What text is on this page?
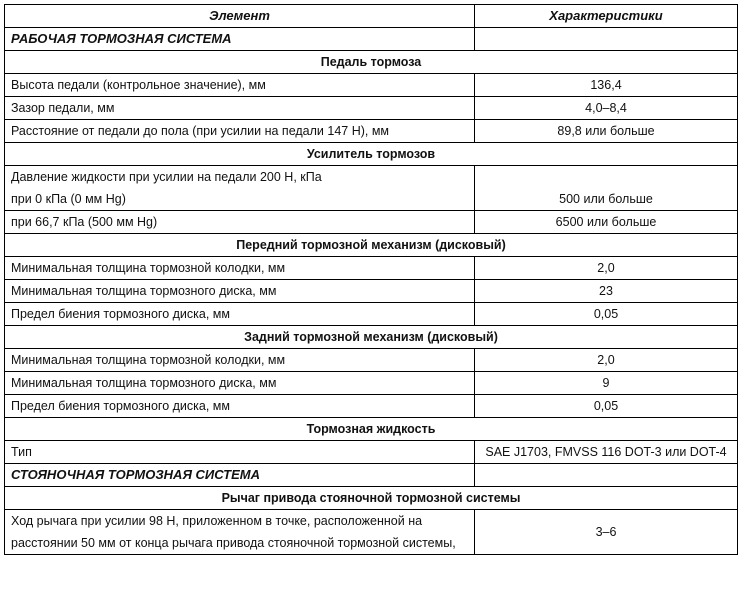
Элемент	Характеристики
РАБОЧАЯ ТОРМОЗНАЯ СИСТЕМА	
Педаль тормоза	
Высота педали (контрольное значение), мм	136,4
Зазор педали, мм	4,0–8,4
Расстояние от педали до пола (при усилии на педали 147 Н), мм	89,8 или больше
Усилитель тормозов	
Давление жидкости при усилии на педали 200 Н, кПа	
при 0 кПа (0 мм Hg)	500 или больше
при 66,7 кПа (500 мм Hg)	6500 или больше
Передний тормозной механизм (дисковый)	
Минимальная толщина тормозной колодки, мм	2,0
Минимальная толщина тормозного диска, мм	23
Предел биения тормозного диска, мм	0,05
Задний тормозной механизм (дисковый)	
Минимальная толщина тормозной колодки, мм	2,0
Минимальная толщина тормозного диска, мм	9
Предел биения тормозного диска, мм	0,05
Тормозная жидкость	
Тип	SAE J1703, FMVSS 116 DOT-3 или DOT-4
СТОЯНОЧНАЯ ТОРМОЗНАЯ СИСТЕМА	
Рычаг привода стояночной тормозной системы	
Ход рычага при усилии 98 Н, приложенном в точке, расположенной на расстоянии 50 мм от конца рычага привода стояночной тормозной системы,	3–6
